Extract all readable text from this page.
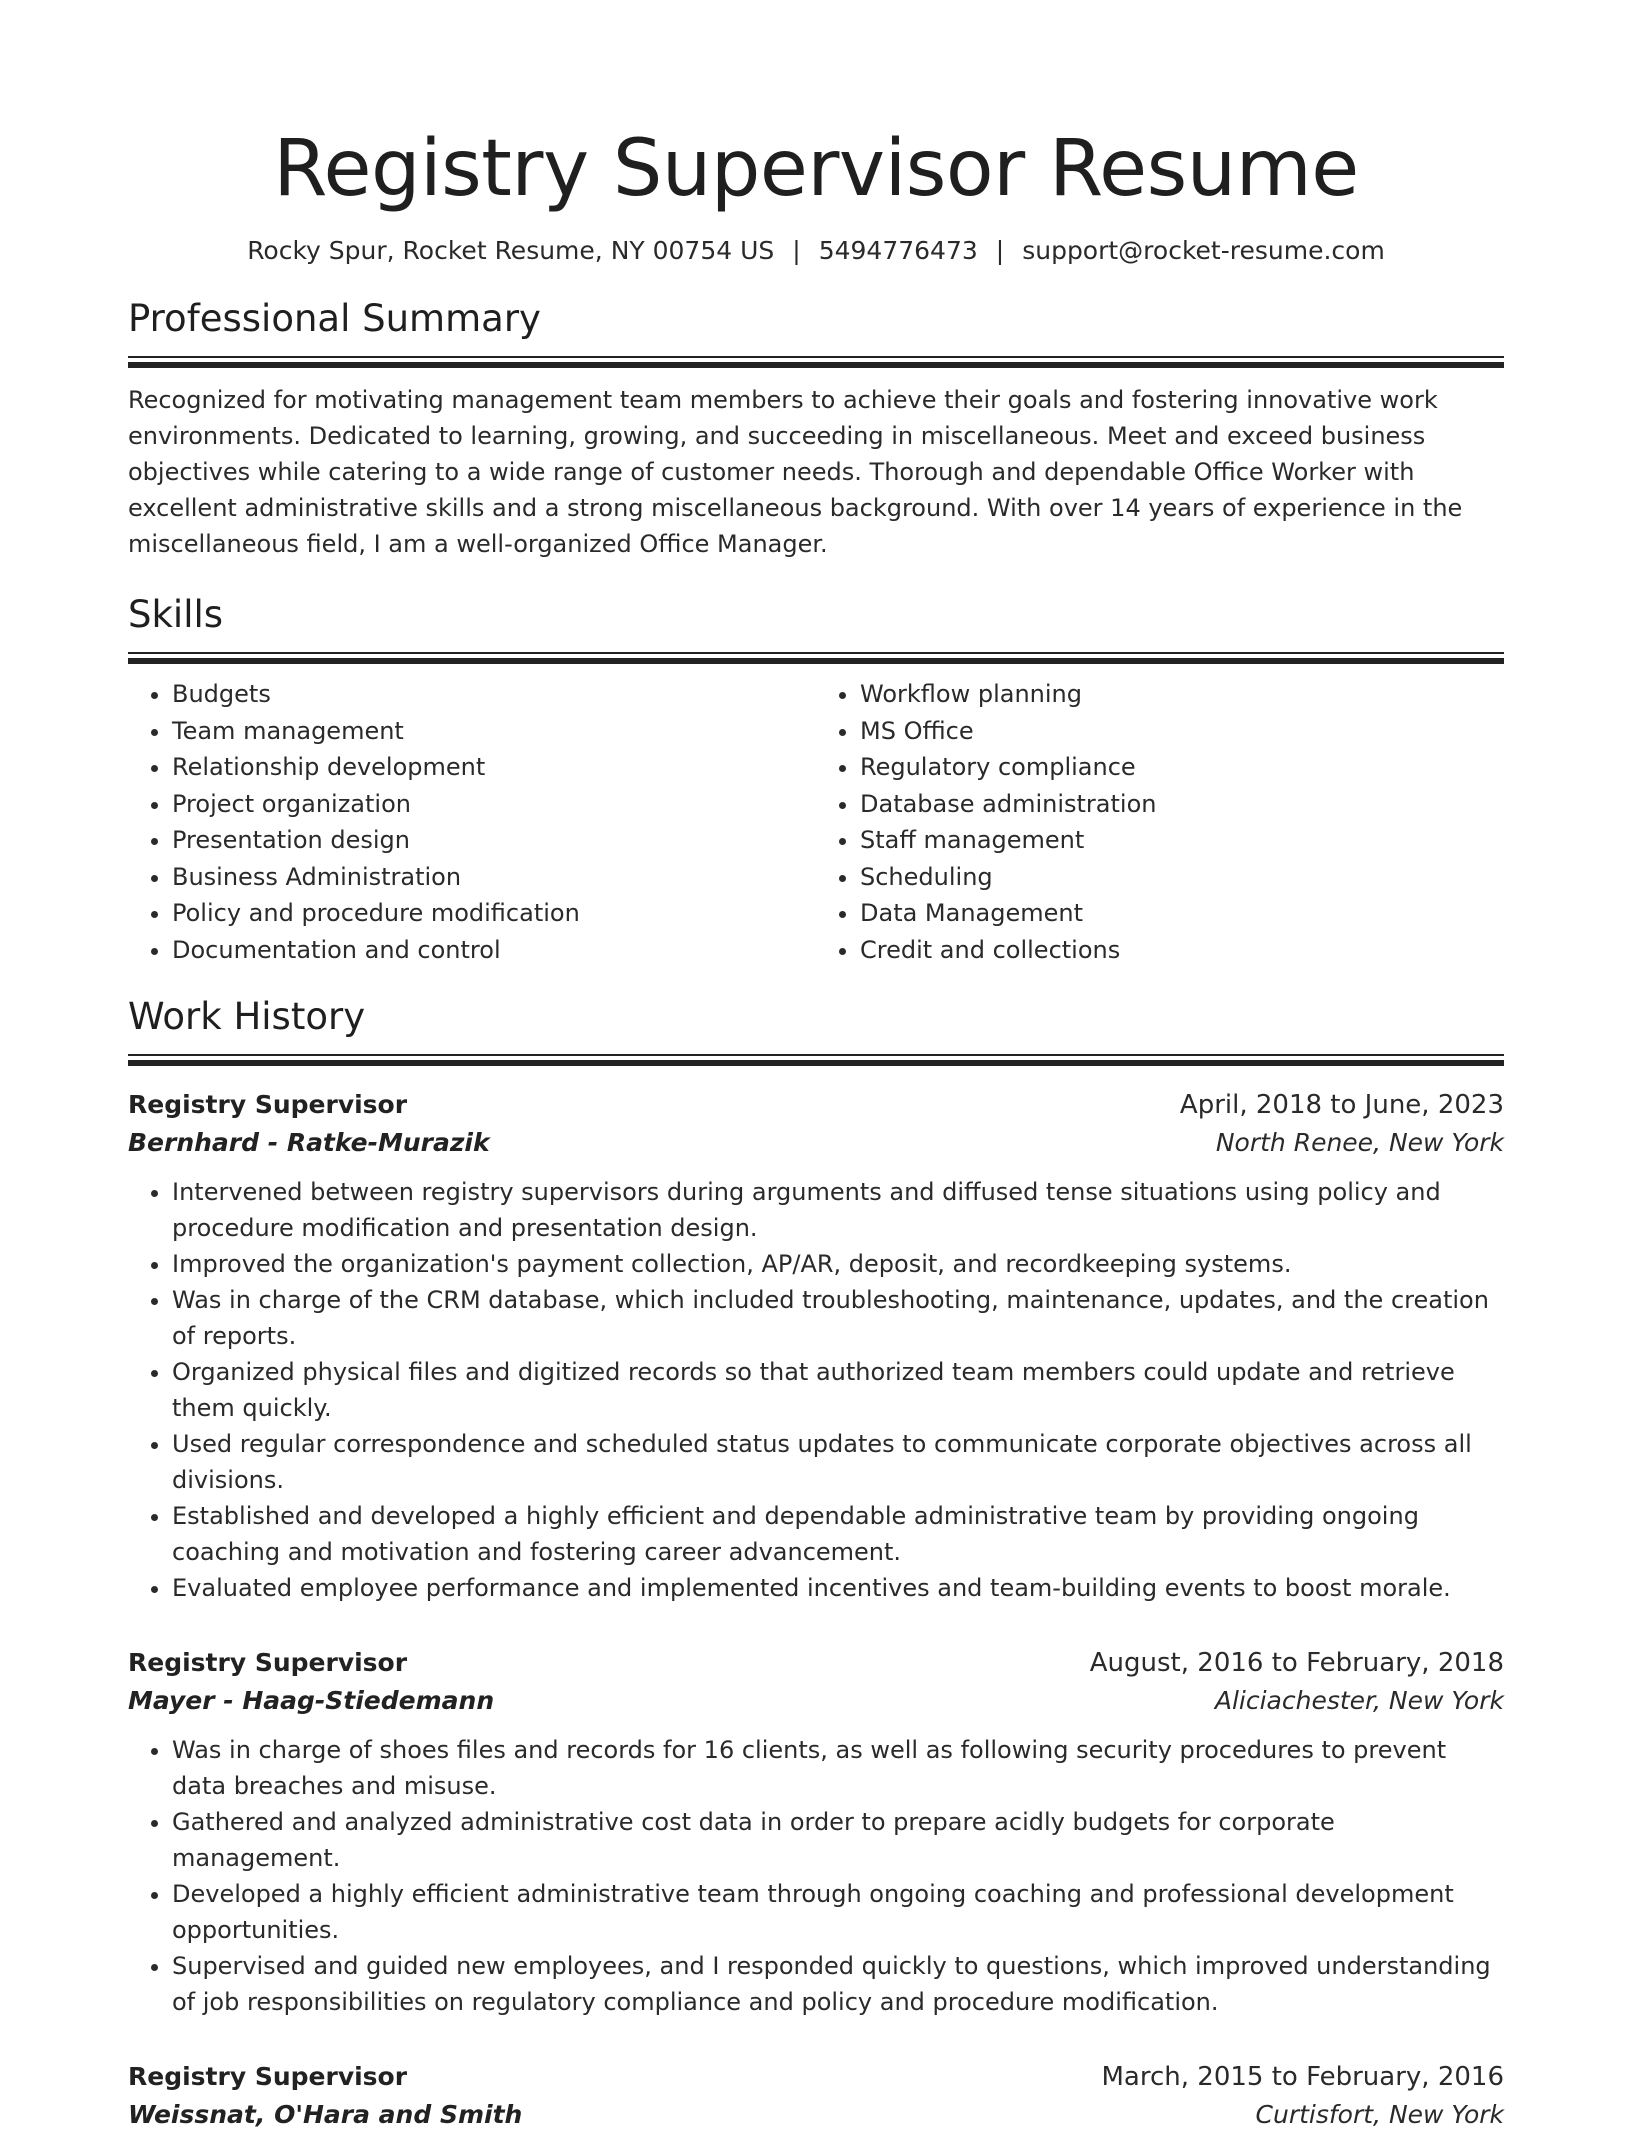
Registry Supervisor Resume
Rocky Spur, Rocket Resume, NY 00754 US | 5494776473 | support@rocket-resume.com
Professional Summary

Recognized for motivating management team members to achieve their goals and fostering innovative work environments. Dedicated to learning, growing, and succeeding in miscellaneous. Meet and exceed business objectives while catering to a wide range of customer needs. Thorough and dependable Office Worker with excellent administrative skills and a strong miscellaneous background. With over 14 years of experience in the miscellaneous field, I am a well-organized Office Manager.

Skills
• Budgets
• Team management
• Relationship development
• Project organization
• Presentation design
• Business Administration
• Policy and procedure modification
• Documentation and control
• Workflow planning
• MS Office
• Regulatory compliance
• Database administration
• Staff management
• Scheduling
• Data Management
• Credit and collections
Work History
Registry Supervisor	April, 2018 to June, 2023
Bernhard - Ratke-Murazik	North Renee, New York
• Intervened between registry supervisors during arguments and diffused tense situations using policy and procedure modification and presentation design.
• Improved the organization's payment collection, AP/AR, deposit, and recordkeeping systems.
• Was in charge of the CRM database, which included troubleshooting, maintenance, updates, and the creation of reports.
• Organized physical files and digitized records so that authorized team members could update and retrieve them quickly.
• Used regular correspondence and scheduled status updates to communicate corporate objectives across all divisions.
• Established and developed a highly efficient and dependable administrative team by providing ongoing coaching and motivation and fostering career advancement.
• Evaluated employee performance and implemented incentives and team-building events to boost morale.
Registry Supervisor	August, 2016 to February, 2018
Mayer - Haag-Stiedemann	Aliciachester, New York
• Was in charge of shoes files and records for 16 clients, as well as following security procedures to prevent data breaches and misuse.
• Gathered and analyzed administrative cost data in order to prepare acidly budgets for corporate management.
• Developed a highly efficient administrative team through ongoing coaching and professional development opportunities.
• Supervised and guided new employees, and I responded quickly to questions, which improved understanding of job responsibilities on regulatory compliance and policy and procedure modification.
Registry Supervisor	March, 2015 to February, 2016
Weissnat, O'Hara and Smith	Curtisfort, New York
